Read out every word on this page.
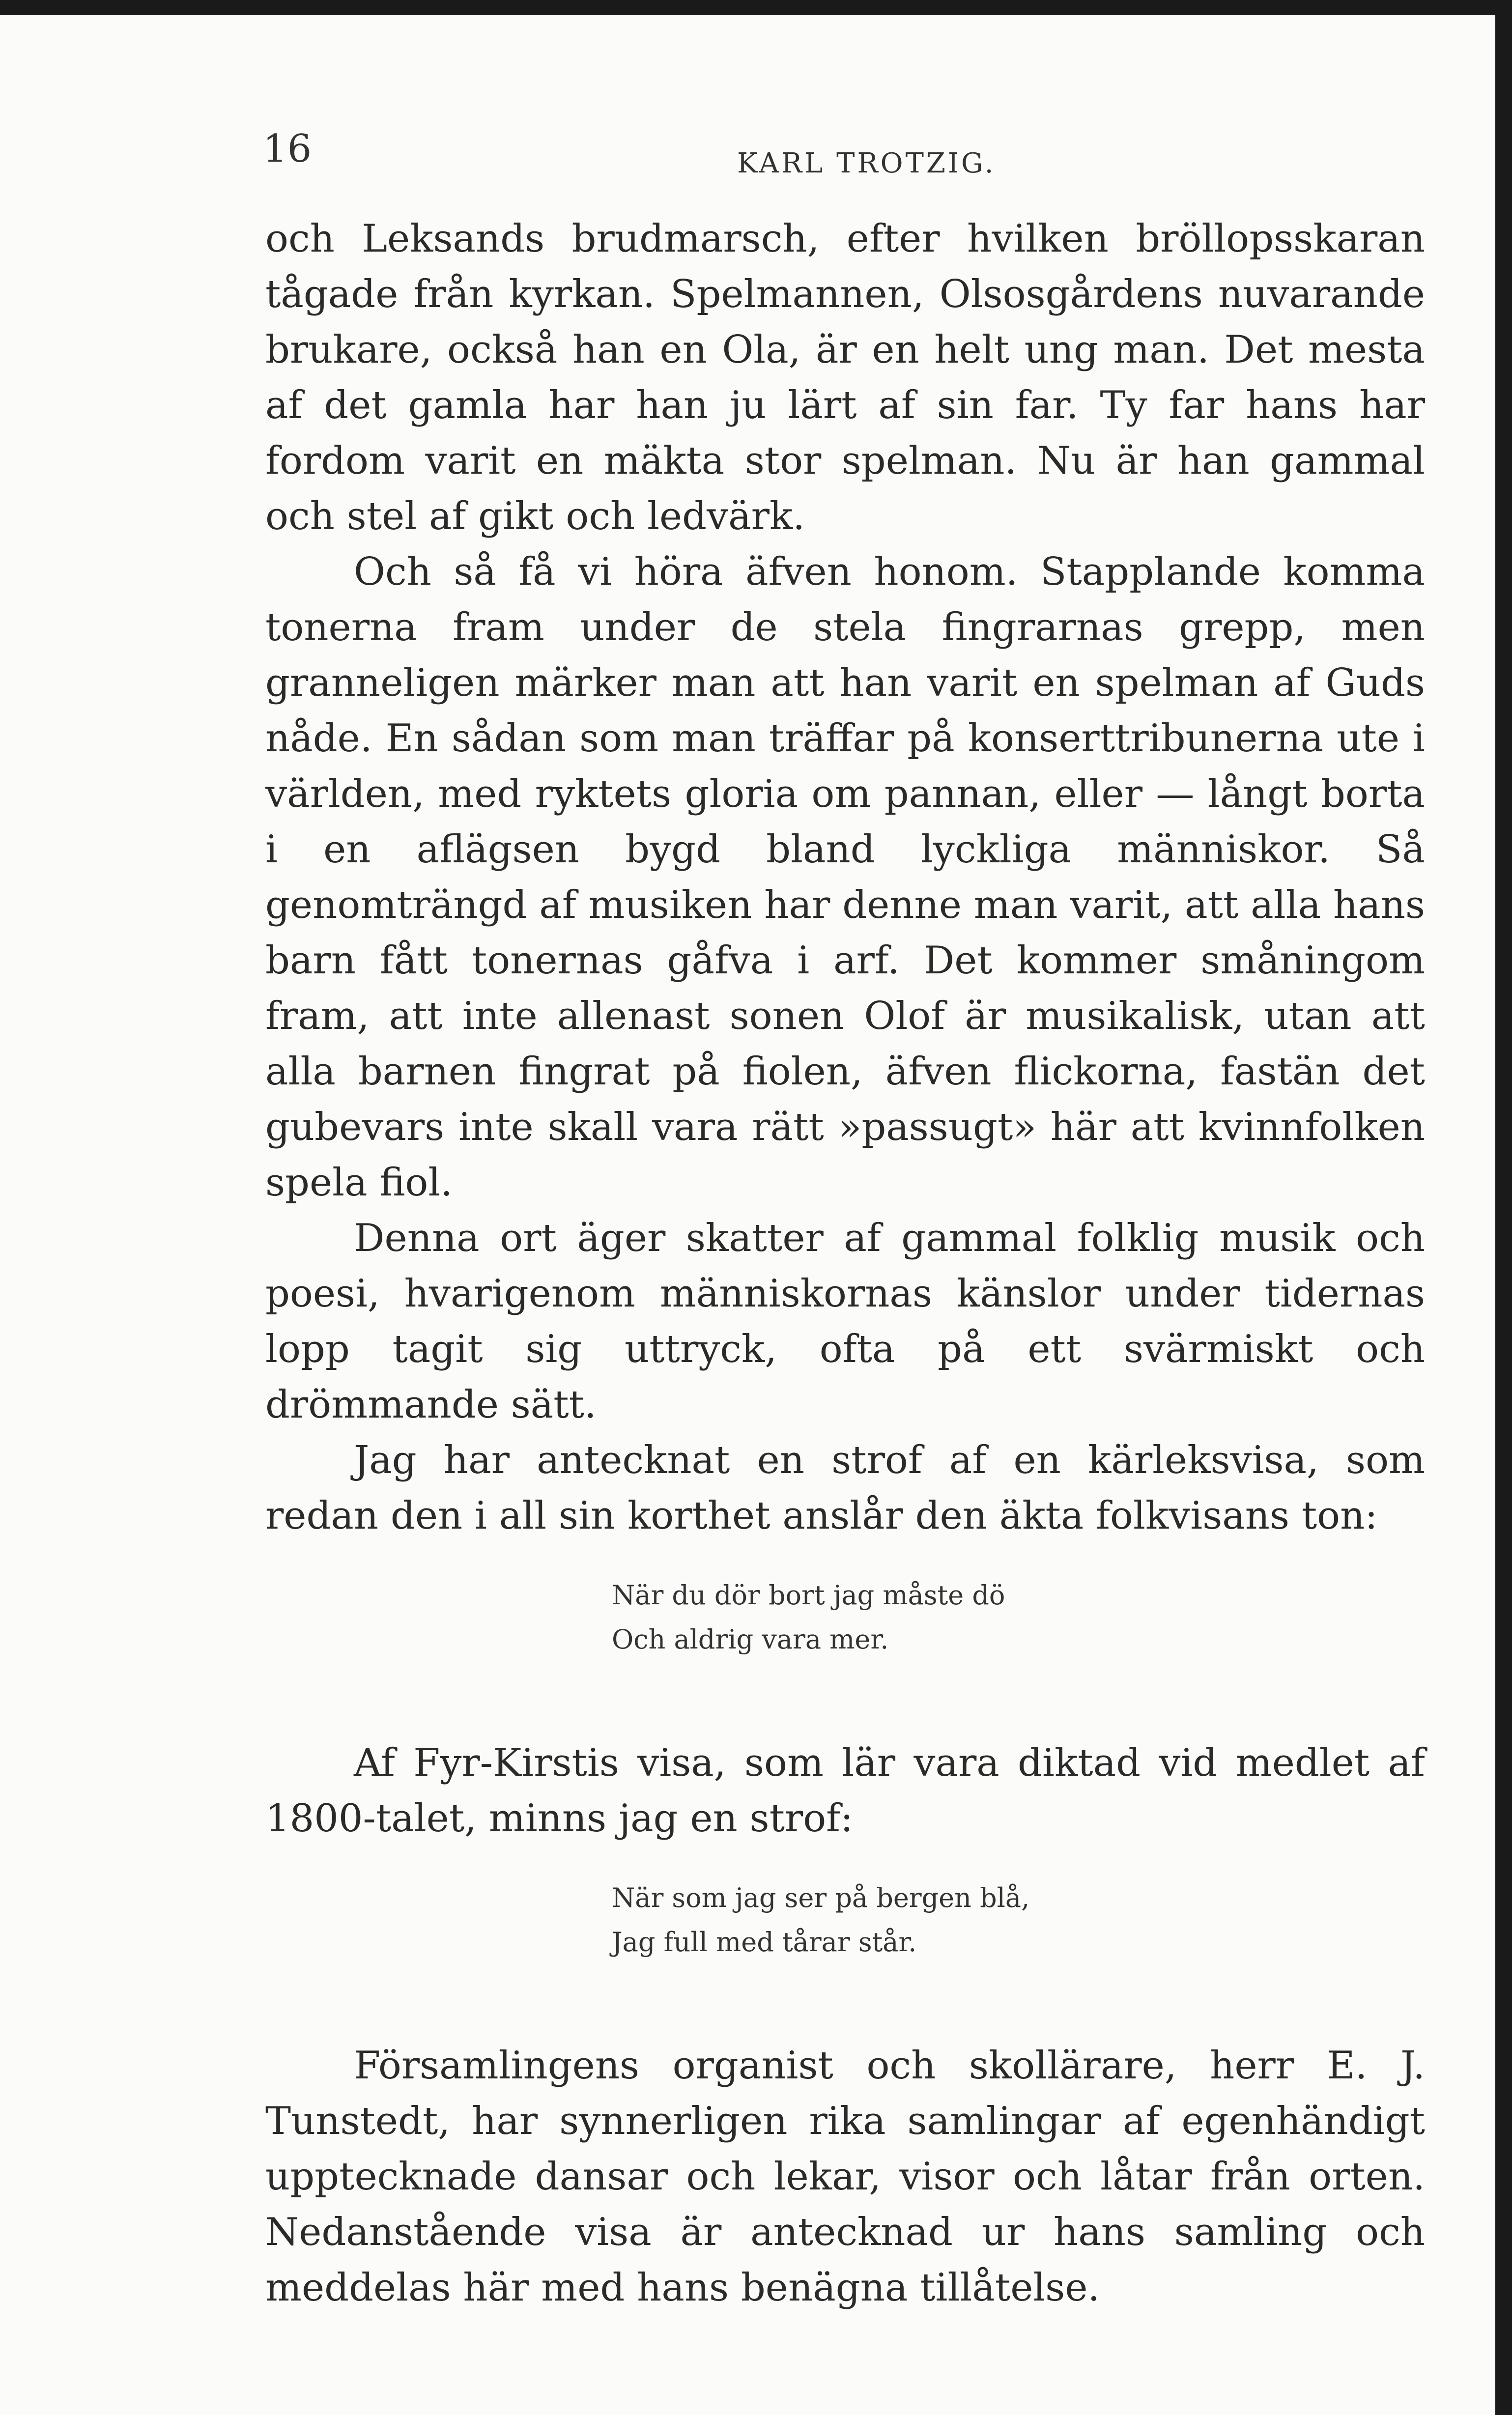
16	KARL TROTZIG.

och Leksands brudmarsch, efter hvilken bröllopsskaran tågade från kyrkan. Spelmannen, Olsosgårdens nuvarande brukare, också han en Ola, är en helt ung man. Det mesta af det gamla har han ju lärt af sin far. Ty far hans har fordom varit en mäkta stor spelman. Nu är han gammal och stel af gikt och ledvärk.

Och så få vi höra äfven honom. Stapplande komma tonerna fram under de stela fingrarnas grepp, men granneligen märker man att han varit en spelman af Guds nåde. En sådan som man träffar på konserttribunerna ute i världen, med ryktets gloria om pannan, eller — långt borta i en aflägsen bygd bland lyckliga människor. Så genomträngd af musiken har denne man varit, att alla hans barn fått tonernas gåfva i arf. Det kommer småningom fram, att inte allenast sonen Olof är musikalisk, utan att alla barnen fingrat på fiolen, äfven flickorna, fastän det gubevars inte skall vara rätt »passugt» här att kvinnfolken spela fiol.

Denna ort äger skatter af gammal folklig musik och poesi, hvarigenom människornas känslor under tidernas lopp tagit sig uttryck, ofta på ett svärmiskt och drömmande sätt.

Jag har antecknat en strof af en kärleksvisa, som redan den i all sin korthet anslår den äkta folkvisans ton:

När du dör bort jag måste dö

Och aldrig vara mer.

Af Fyr-Kirstis visa, som lär vara diktad vid medlet af 1800-talet, minns jag en strof:

När som jag ser på bergen blå,

Jag full med tårar står.

Församlingens organist och skollärare, herr E. J. Tunstedt, har synnerligen rika samlingar af egenhändigt upptecknade dansar och lekar, visor och låtar från orten. Nedanstående visa är antecknad ur hans samling och meddelas här med hans benägna tillåtelse.
